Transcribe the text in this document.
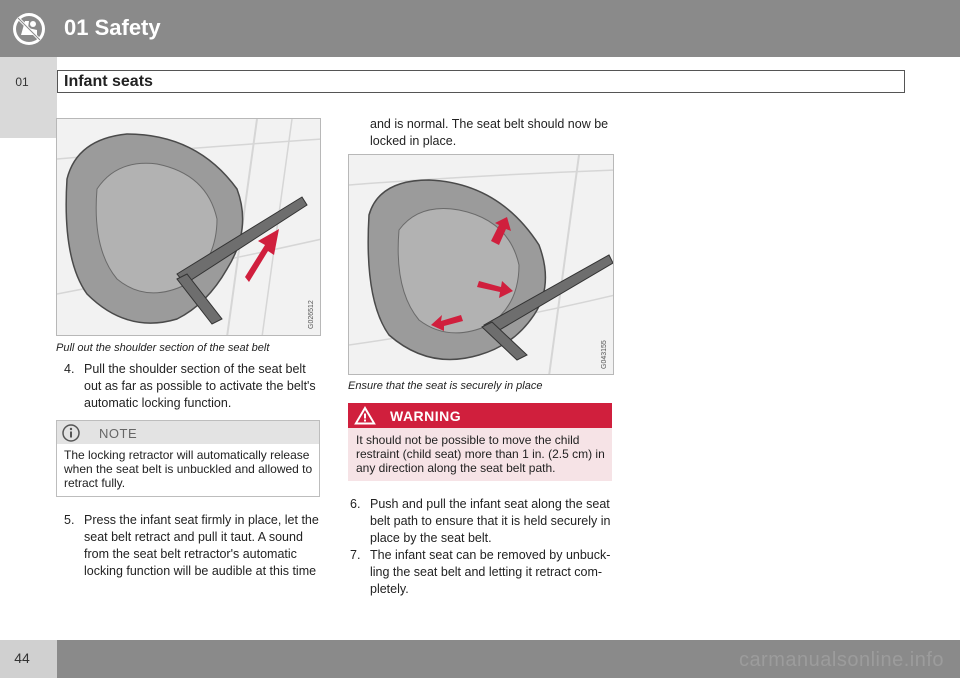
01
01 Safety
Infant seats
G026512
Pull out the shoulder section of the seat belt
4. Pull the shoulder section of the seat belt out as far as possible to activate the belt's automatic locking function.
NOTE
The locking retractor will automatically release when the seat belt is unbuckled and allowed to retract fully.
5. Press the infant seat firmly in place, let the seat belt retract and pull it taut. A sound from the seat belt retractor's automatic locking function will be audible at this time
and is normal. The seat belt should now be locked in place.
G043155
Ensure that the seat is securely in place
WARNING
It should not be possible to move the child restraint (child seat) more than 1 in. (2.5 cm) in any direction along the seat belt path.
6. Push and pull the infant seat along the seat belt path to ensure that it is held securely in place by the seat belt.
7. The infant seat can be removed by unbuck-ling the seat belt and letting it retract com-pletely.
44	carmanualsonline.info
